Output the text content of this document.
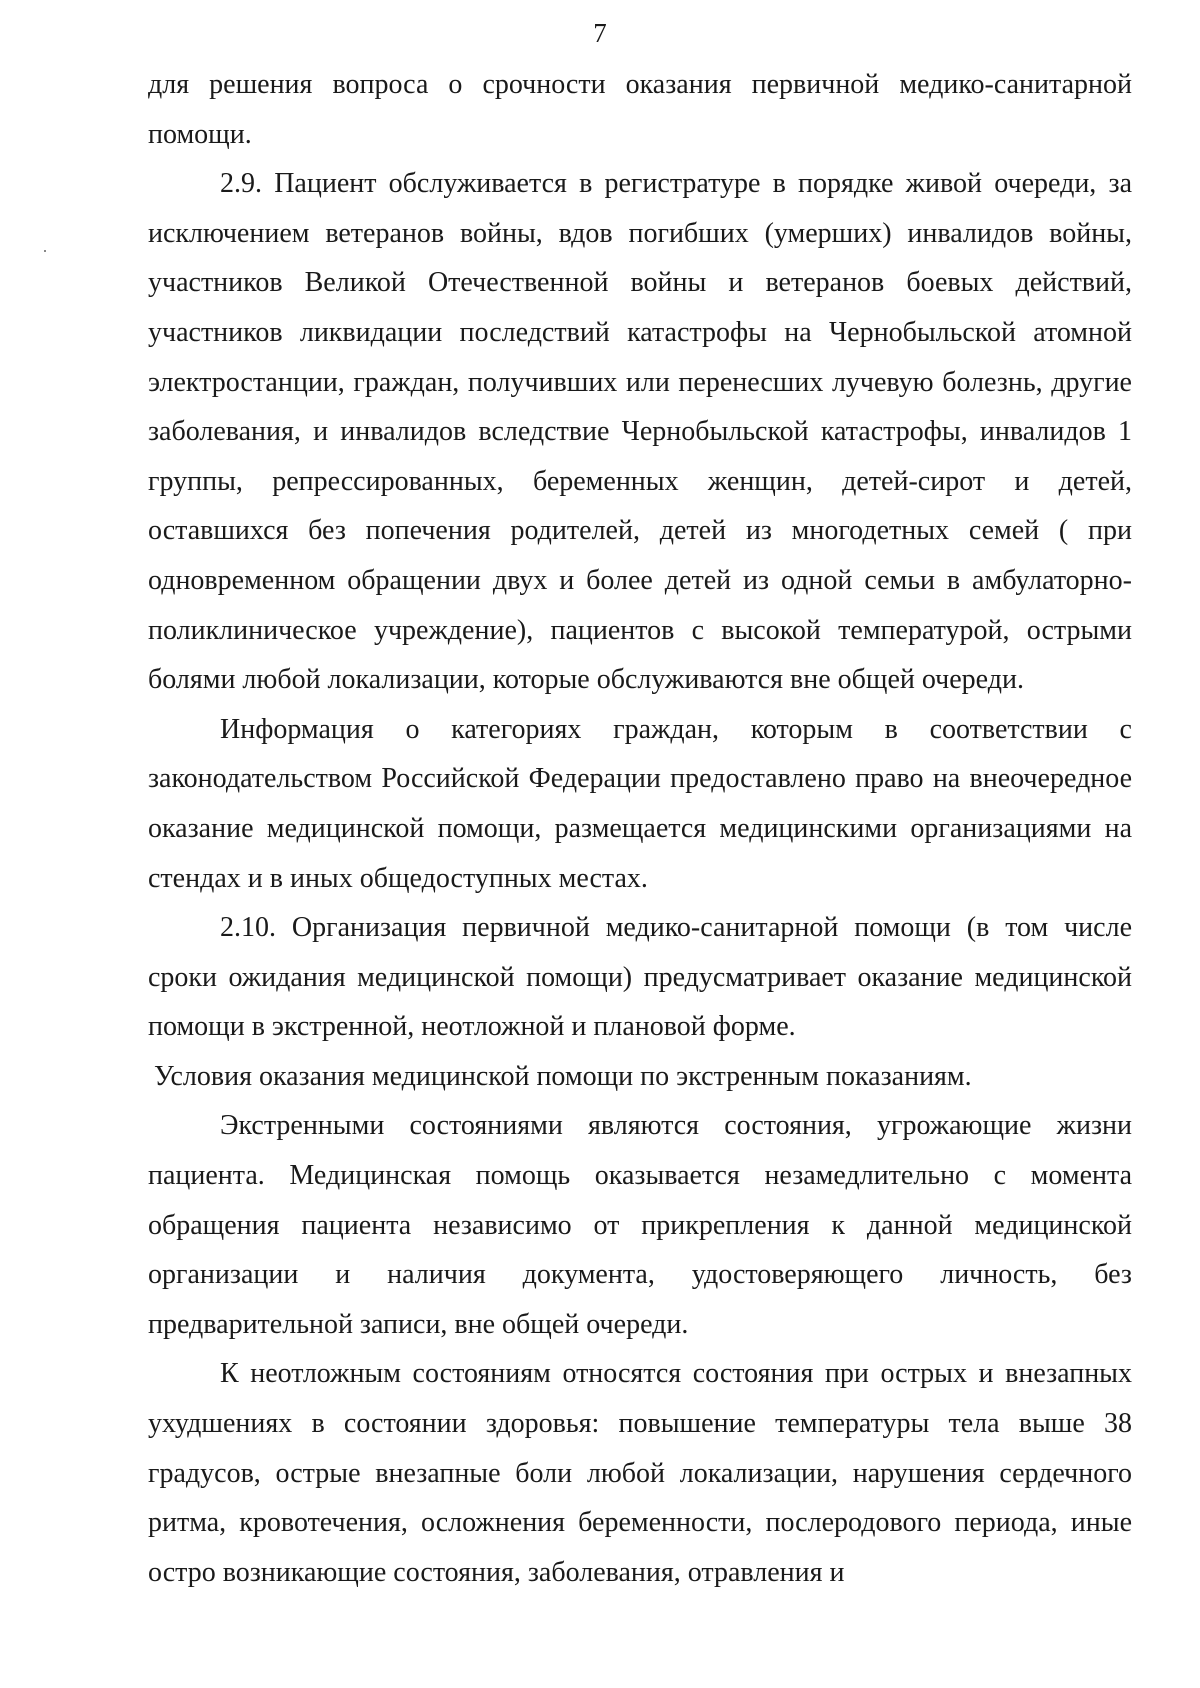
7

для решения вопроса о срочности оказания первичной медико-санитарной помощи.

2.9. Пациент обслуживается в регистратуре в порядке живой очереди, за исключением ветеранов войны, вдов погибших (умерших) инвалидов войны, участников Великой Отечественной войны и ветеранов боевых действий, участников ликвидации последствий катастрофы на Чернобыльской атомной электростанции, граждан, получивших или перенесших лучевую болезнь, другие заболевания, и инвалидов вследствие Чернобыльской катастрофы, инвалидов 1 группы, репрессированных, беременных женщин, детей-сирот и детей, оставшихся без попечения родителей, детей из многодетных семей ( при одновременном обращении двух и более детей из одной семьи в амбулаторно-поликлиническое учреждение), пациентов с высокой температурой, острыми болями любой локализации, которые обслуживаются вне общей очереди.

Информация о категориях граждан, которым в соответствии с законодательством Российской Федерации предоставлено право на внеочередное оказание медицинской помощи, размещается медицинскими организациями на стендах и в иных общедоступных местах.

2.10. Организация первичной медико-санитарной помощи (в том числе сроки ожидания медицинской помощи) предусматривает оказание медицинской помощи в экстренной, неотложной и плановой форме.

Условия оказания медицинской помощи по экстренным показаниям.

Экстренными состояниями являются состояния, угрожающие жизни пациента. Медицинская помощь оказывается незамедлительно с момента обращения пациента независимо от прикрепления к данной медицинской организации и наличия документа, удостоверяющего личность, без предварительной записи, вне общей очереди.

К неотложным состояниям относятся состояния при острых и внезапных ухудшениях в состоянии здоровья: повышение температуры тела выше 38 градусов, острые внезапные боли любой локализации, нарушения сердечного ритма, кровотечения, осложнения беременности, послеродового периода, иные остро возникающие состояния, заболевания, отравления и
